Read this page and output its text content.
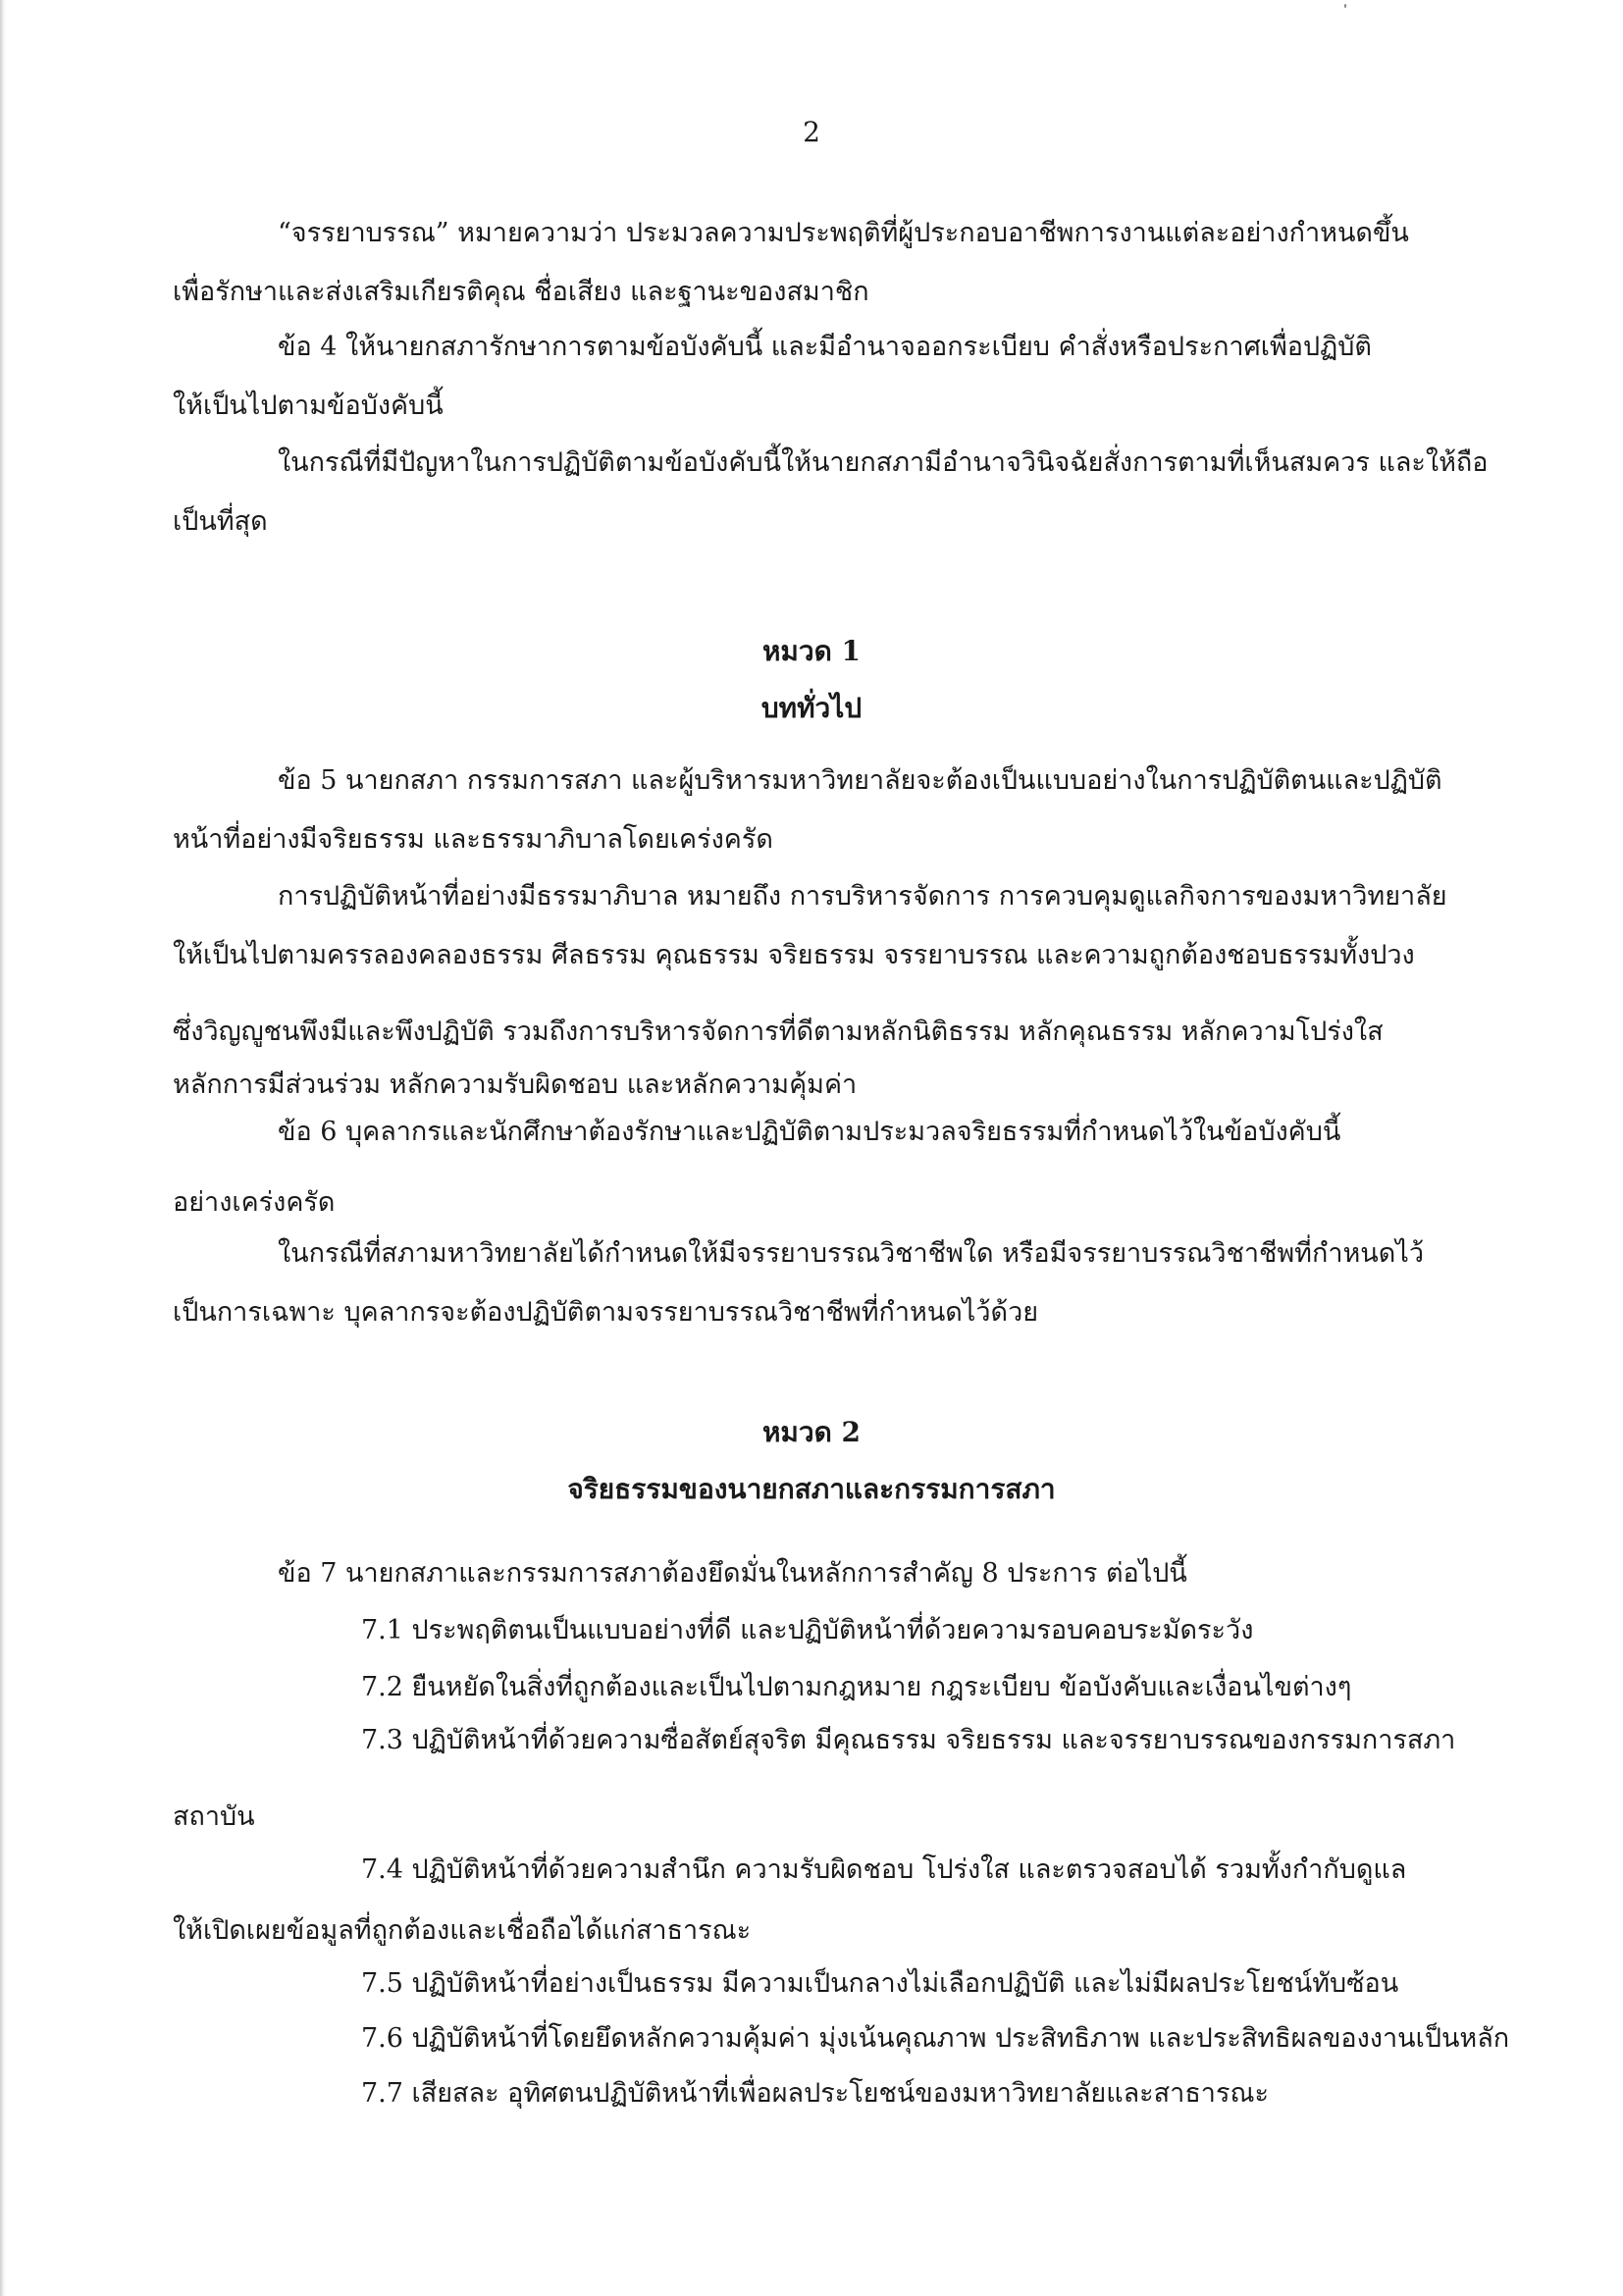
2
“จรรยาบรรณ” หมายความว่า ประมวลความประพฤติที่ผู้ประกอบอาชีพการงานแต่ละอย่างกำหนดขึ้น
เพื่อรักษาและส่งเสริมเกียรติคุณ ชื่อเสียง และฐานะของสมาชิก
ข้อ 4 ให้นายกสภารักษาการตามข้อบังคับนี้ และมีอำนาจออกระเบียบ คำสั่งหรือประกาศเพื่อปฏิบัติ
ให้เป็นไปตามข้อบังคับนี้
ในกรณีที่มีปัญหาในการปฏิบัติตามข้อบังคับนี้ให้นายกสภามีอำนาจวินิจฉัยสั่งการตามที่เห็นสมควร และให้ถือ
เป็นที่สุด
หมวด 1
บททั่วไป
ข้อ 5 นายกสภา กรรมการสภา และผู้บริหารมหาวิทยาลัยจะต้องเป็นแบบอย่างในการปฏิบัติตนและปฏิบัติ
หน้าที่อย่างมีจริยธรรม และธรรมาภิบาลโดยเคร่งครัด
การปฏิบัติหน้าที่อย่างมีธรรมาภิบาล หมายถึง การบริหารจัดการ การควบคุมดูแลกิจการของมหาวิทยาลัย
ให้เป็นไปตามครรลองคลองธรรม ศีลธรรม คุณธรรม จริยธรรม จรรยาบรรณ และความถูกต้องชอบธรรมทั้งปวง
ซึ่งวิญญูชนพึงมีและพึงปฏิบัติ รวมถึงการบริหารจัดการที่ดีตามหลักนิติธรรม หลักคุณธรรม หลักความโปร่งใส
หลักการมีส่วนร่วม หลักความรับผิดชอบ และหลักความคุ้มค่า
ข้อ 6 บุคลากรและนักศึกษาต้องรักษาและปฏิบัติตามประมวลจริยธรรมที่กำหนดไว้ในข้อบังคับนี้
อย่างเคร่งครัด
ในกรณีที่สภามหาวิทยาลัยได้กำหนดให้มีจรรยาบรรณวิชาชีพใด หรือมีจรรยาบรรณวิชาชีพที่กำหนดไว้
เป็นการเฉพาะ บุคลากรจะต้องปฏิบัติตามจรรยาบรรณวิชาชีพที่กำหนดไว้ด้วย
หมวด 2
จริยธรรมของนายกสภาและกรรมการสภา
ข้อ 7 นายกสภาและกรรมการสภาต้องยึดมั่นในหลักการสำคัญ 8 ประการ ต่อไปนี้
7.1 ประพฤติตนเป็นแบบอย่างที่ดี และปฏิบัติหน้าที่ด้วยความรอบคอบระมัดระวัง
7.2 ยืนหยัดในสิ่งที่ถูกต้องและเป็นไปตามกฎหมาย กฎระเบียบ ข้อบังคับและเงื่อนไขต่างๆ
7.3 ปฏิบัติหน้าที่ด้วยความซื่อสัตย์สุจริต มีคุณธรรม จริยธรรม และจรรยาบรรณของกรรมการสภา
สถาบัน
7.4 ปฏิบัติหน้าที่ด้วยความสำนึก ความรับผิดชอบ โปร่งใส และตรวจสอบได้ รวมทั้งกำกับดูแล
ให้เปิดเผยข้อมูลที่ถูกต้องและเชื่อถือได้แก่สาธารณะ
7.5 ปฏิบัติหน้าที่อย่างเป็นธรรม มีความเป็นกลางไม่เลือกปฏิบัติ และไม่มีผลประโยชน์ทับซ้อน
7.6 ปฏิบัติหน้าที่โดยยึดหลักความคุ้มค่า มุ่งเน้นคุณภาพ ประสิทธิภาพ และประสิทธิผลของงานเป็นหลัก
7.7 เสียสละ อุทิศตนปฏิบัติหน้าที่เพื่อผลประโยชน์ของมหาวิทยาลัยและสาธารณะ
